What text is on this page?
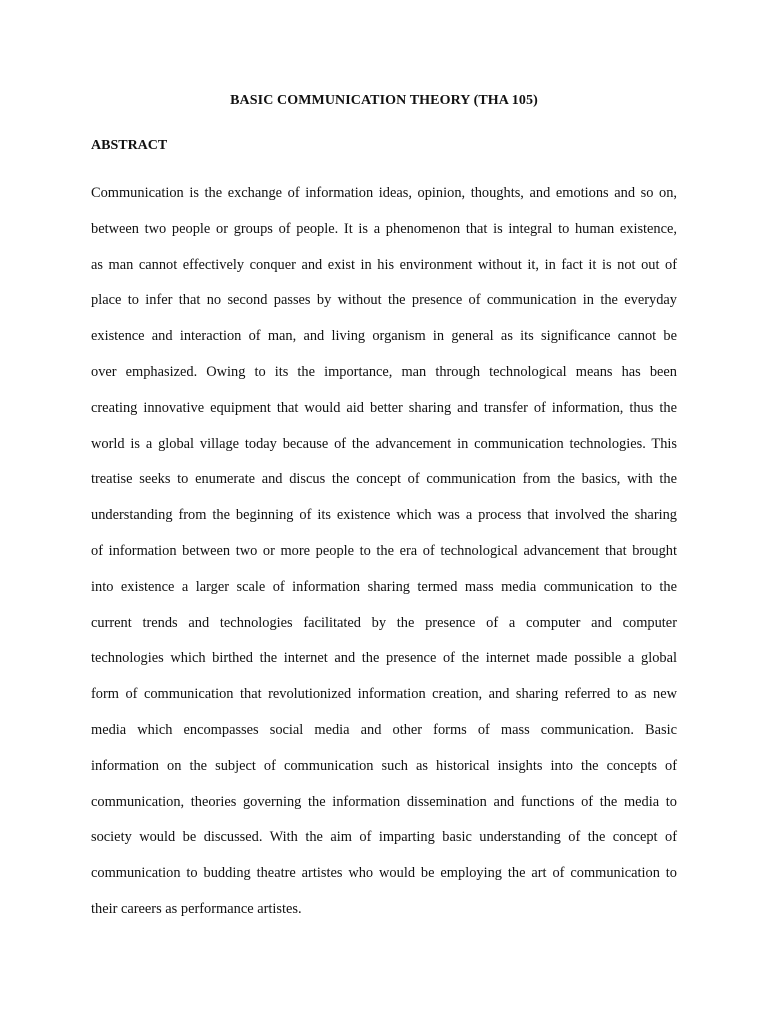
BASIC COMMUNICATION THEORY (THA 105)
ABSTRACT
Communication is the exchange of information ideas, opinion, thoughts, and emotions and so on,
between two people or groups of people. It is a phenomenon that is integral to human existence,
as man cannot effectively conquer and exist in his environment without it, in fact it is not out of
place to infer that no second passes by without the presence of communication in the everyday
existence and interaction of man, and living organism in general as its significance cannot be
over emphasized. Owing to its the importance, man through technological means has been
creating innovative equipment that would aid better sharing and transfer of information, thus the
world is a global village today because of the advancement in communication technologies. This
treatise seeks to enumerate and discus the concept of communication from the basics, with the
understanding from the beginning of its existence which was a process that involved the sharing
of information between two or more people to the era of technological advancement that brought
into existence a larger scale of information sharing termed mass media communication to the
current trends and technologies facilitated by the presence of a computer and computer
technologies which birthed the internet and the presence of the internet made possible a global
form of communication that revolutionized information creation, and sharing referred to as new
media which encompasses social media and other forms of mass communication. Basic
information on the subject of communication such as historical insights into the concepts of
communication, theories governing the information dissemination and functions of the media to
society would be discussed. With the aim of imparting basic understanding of the concept of
communication to budding theatre artistes who would be employing the art of communication to
their careers as performance artistes.
